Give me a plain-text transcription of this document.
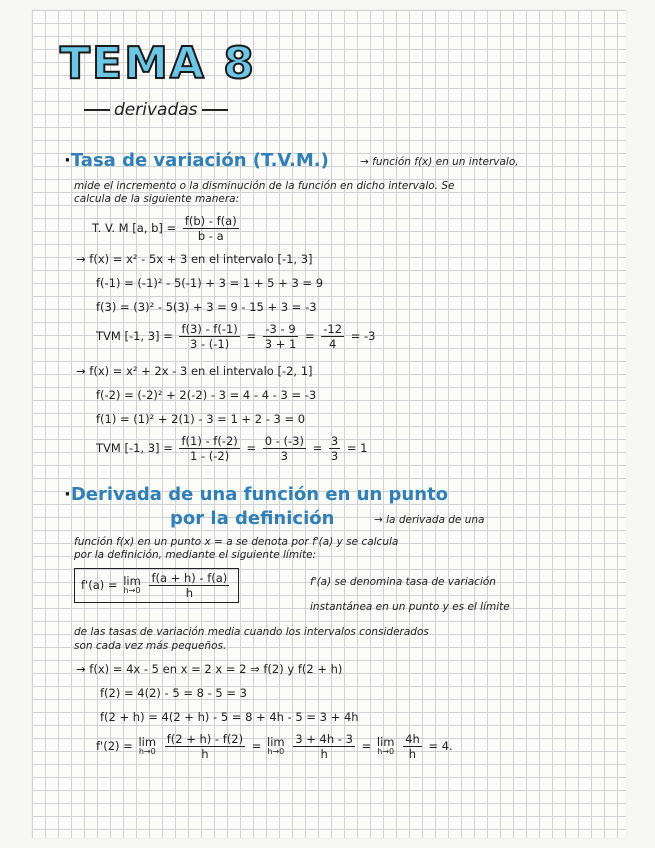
TEMA 8
derivadas
·Tasa de variación (T.V.M.)	→ función f(x) en un intervalo,
mide el incremento o la disminución de la función en dicho intervalo. Se
calcula de la siguiente manera:
T. V. M [a, $b] = \frac{f(b) - f(a)}{b - a}$
→ f(x) = x² - 5x + 3 en el intervalo [-1, 3]
f(-1) = (-1)² - 5(-1) + 3 = 1 + 5 + 3 = 9
f(3) = (3)² - 5(3) + 3 = 9 - 15 + 3 = -3
TVM [-1, $3] = \frac{f(3) - f(-1)}{3 - (-1)} = \frac{-3 - 9}{3 + 1} = \frac{-12}{4} = -3$
→ f(x) = x² + 2x - 3 en el intervalo [-2, 1]
f(-2) = (-2)² + 2(-2) - 3 = 4 - 4 - 3 = -3
f(1) = (1)² + 2(1) - 3 = 1 + 2 - 3 = 0
TVM [-1, $3] = \frac{f(1) - f(-2)}{1 - (-2)} = \frac{0 - (-3)}{3} = \frac{3}{3} = 1$
·Derivada de una función en un punto
por la definición	→ la derivada de una
función f(x) en un punto x = a se denota por f'(a) y se calcula
por la definición, mediante el siguiente límite:
f'(a) = lim
h→0
$\frac{f(a + h) - f(a)}{h}$	f'(a) se denomina tasa de variación
instantánea en un punto y es el límite
de las tasas de variación media cuando los intervalos considerados
son cada vez más pequeños.
→ f(x) = 4x - 5 en x = 2 x = 2 ⇒ f(2) y f(2 + h)
f(2) = 4(2) - 5 = 8 - 5 = 3
f(2 + h) = 4(2 + h) - 5 = 8 + 4h - 5 = 3 + 4h
f'(2) = lim
h→0
$\frac{f(2 + h) - f(2)}{h} = \lim$
h→0
$\frac{3 + 4h - 3}{h} = \lim$
h→0
$\frac{4h}{h} = 4$.
